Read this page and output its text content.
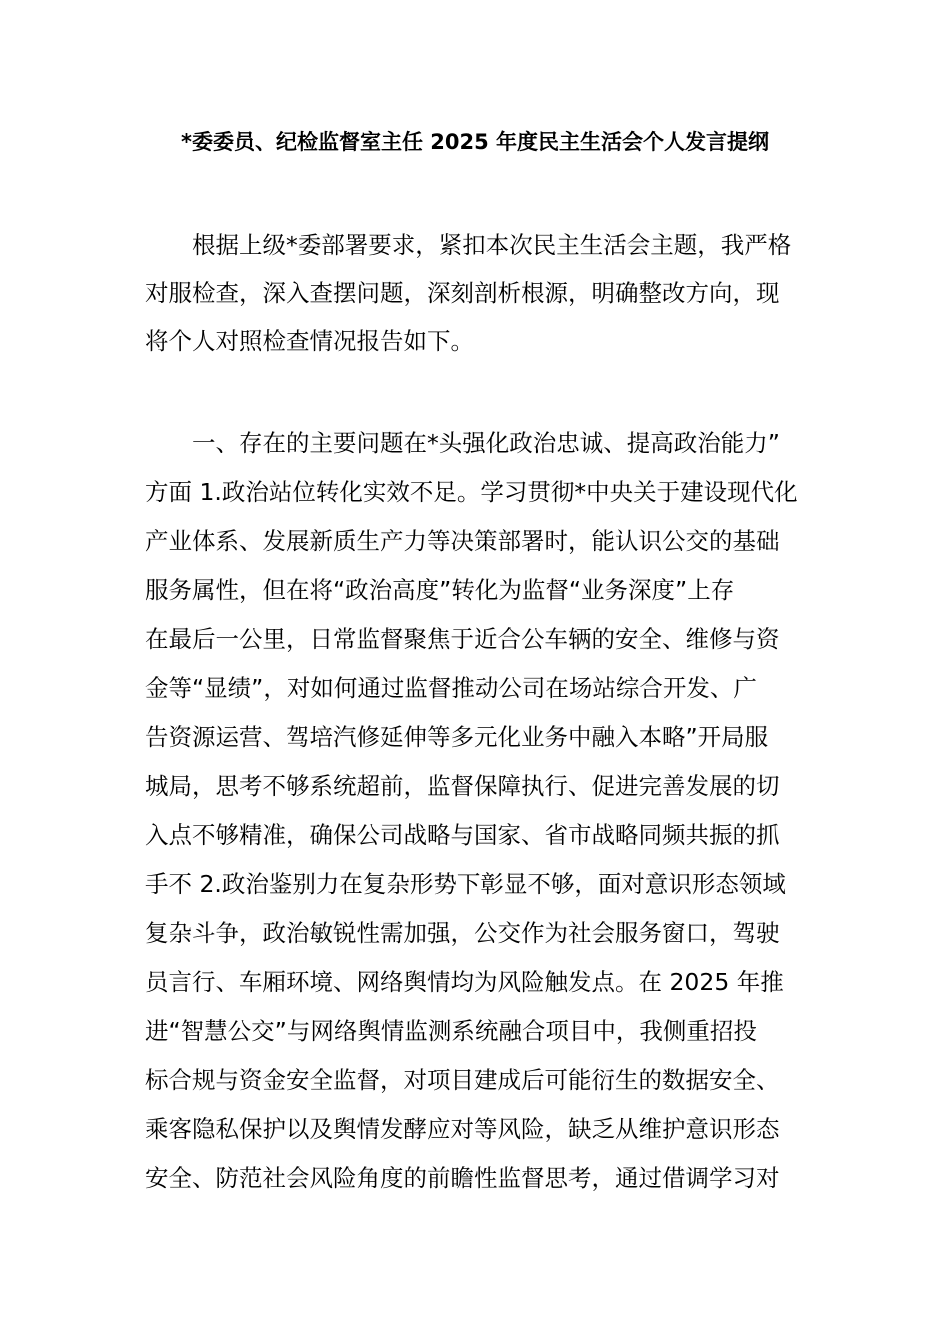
*委委员、纪检监督室主任 2025 年度民主生活会个人发言提纲
根据上级*委部署要求，紧扣本次民主生活会主题，我严格
对服检查，深入查摆问题，深刻剖析根源，明确整改方向，现
将个人对照检查情况报告如下。
一、存在的主要问题在*头强化政治忠诚、提高政治能力”
方面 1.政治站位转化实效不足。学习贯彻*中央关于建设现代化
产业体系、发展新质生产力等决策部署时，能认识公交的基础
服务属性，但在将“政治高度”转化为监督“业务深度”上存
在最后一公里，日常监督聚焦于近合公车辆的安全、维修与资
金等“显绩”，对如何通过监督推动公司在场站综合开发、广
告资源运营、驾培汽修延伸等多元化业务中融入本略”开局服
城局，思考不够系统超前，监督保障执行、促进完善发展的切
入点不够精准，确保公司战略与国家、省市战略同频共振的抓
手不 2.政治鉴别力在复杂形势下彰显不够，面对意识形态领域
复杂斗争，政治敏锐性需加强，公交作为社会服务窗口，驾驶
员言行、车厢环境、网络舆情均为风险触发点。在 2025 年推
进“智慧公交”与网络舆情监测系统融合项目中，我侧重招投
标合规与资金安全监督，对项目建成后可能衍生的数据安全、
乘客隐私保护以及舆情发酵应对等风险，缺乏从维护意识形态
安全、防范社会风险角度的前瞻性监督思考，通过借调学习对
